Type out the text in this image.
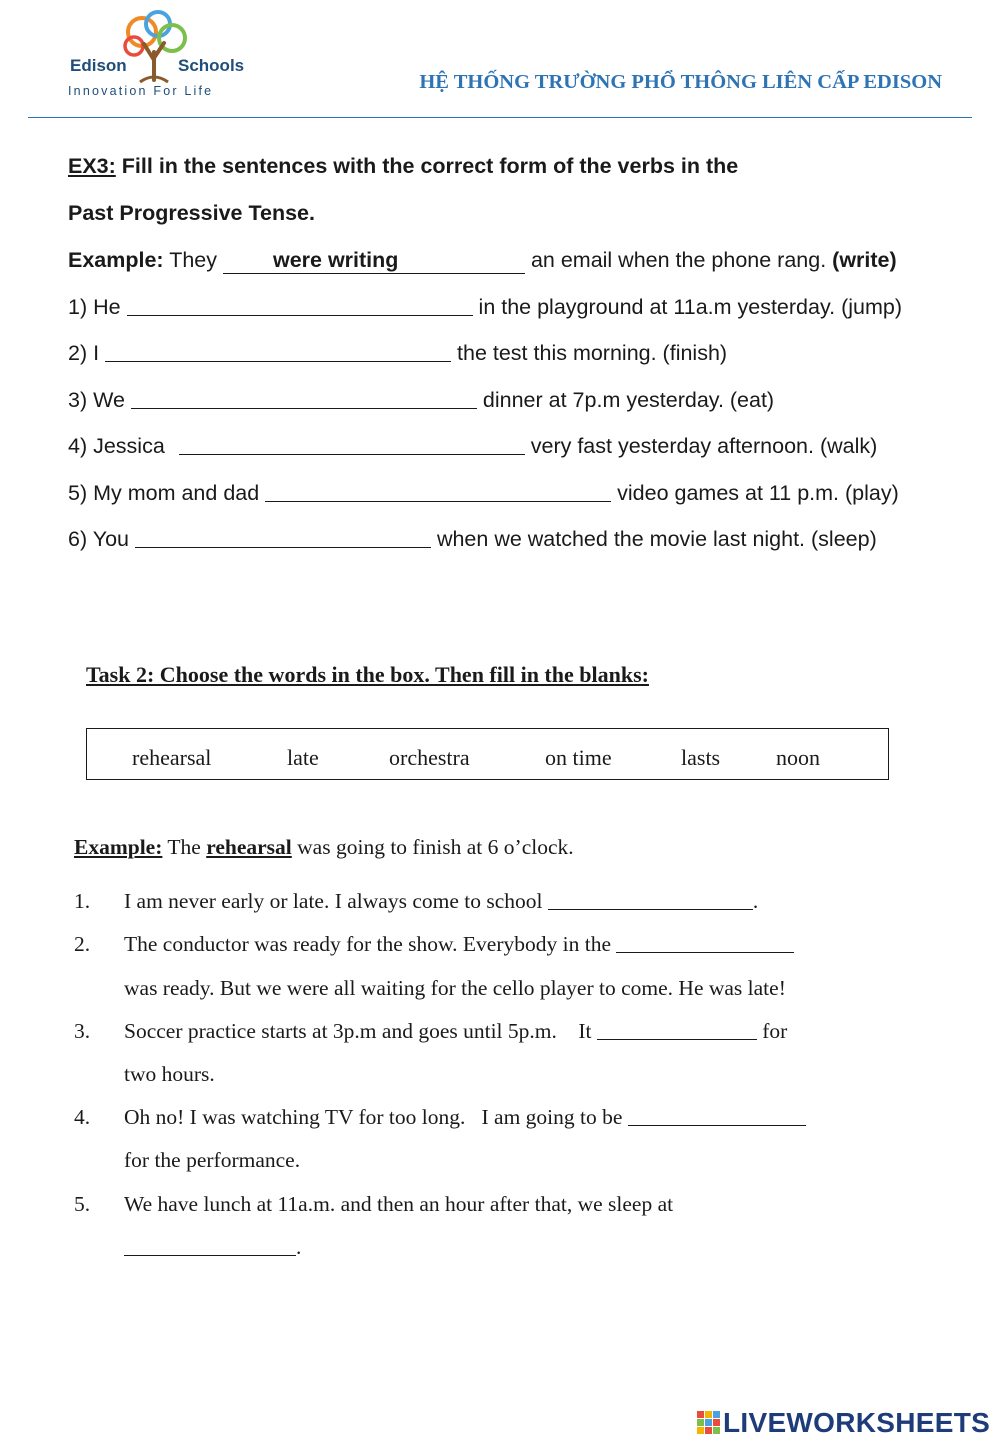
Edison	Schools
Innovation For Life	HỆ THỐNG TRƯỜNG PHỔ THÔNG LIÊN CẤP EDISON
EX3: Fill in the sentences with the correct form of the verbs in the
Past Progressive Tense.
Example: They were writing	an email when the phone rang. (write)
1) He	in the playground at 11a.m yesterday. (jump)
2) I	the test this morning. (finish)
3) We	dinner at 7p.m yesterday. (eat)
4) Jessica	very fast yesterday afternoon. (walk)
5) My mom and dad	video games at 11 p.m. (play)
6) You	when we watched the movie last night. (sleep)
Task 2: Choose the words in the box. Then fill in the blanks:
rehearsal	late	orchestra	on time	lasts	noon
Example: The rehearsal was going to finish at 6 o’clock.
1. I am never early or late. I always come to school	.
2. The conductor was ready for the show. Everybody in the
was ready. But we were all waiting for the cello player to come. He was late!
3. Soccer practice starts at 3p.m and goes until 5p.m.    It	for
two hours.
4. Oh no! I was watching TV for too long.   I am going to be
for the performance.
5. We have lunch at 11a.m. and then an hour after that, we sleep at
.
LIVEWORKSHEETS
